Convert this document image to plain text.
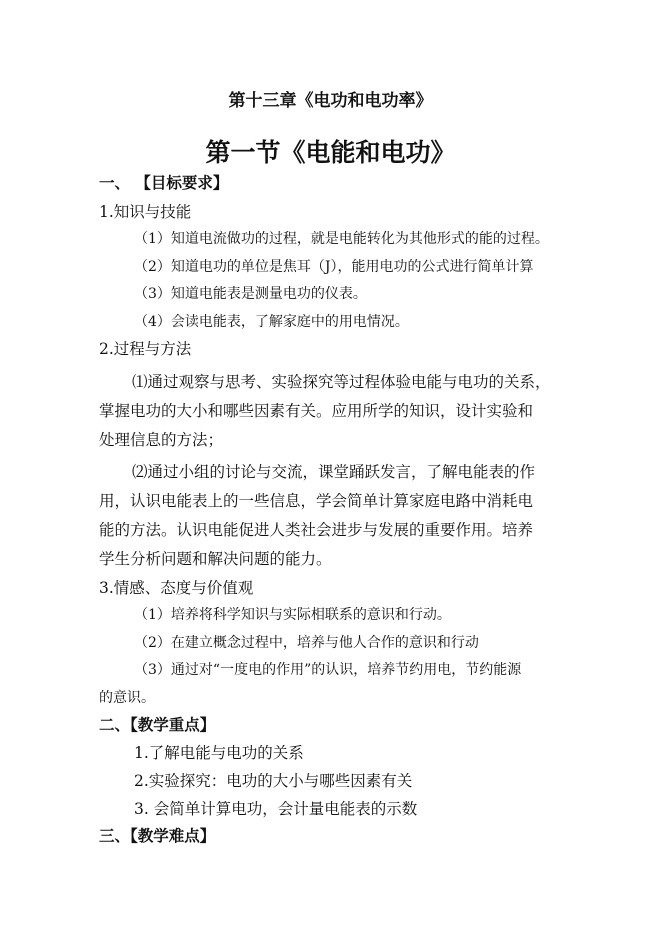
第十三章《电功和电功率》
第一节《电能和电功》
一、 【目标要求】
1.知识与技能
（1）知道电流做功的过程，就是电能转化为其他形式的能的过程。
（2）知道电功的单位是焦耳（J），能用电功的公式进行简单计算
（3）知道电能表是测量电功的仪表。
（4）会读电能表，了解家庭中的用电情况。
2.过程与方法
⑴通过观察与思考、实验探究等过程体验电能与电功的关系，
掌握电功的大小和哪些因素有关。应用所学的知识，设计实验和
处理信息的方法；
⑵通过小组的讨论与交流，课堂踊跃发言，了解电能表的作
用，认识电能表上的一些信息，学会简单计算家庭电路中消耗电
能的方法。认识电能促进人类社会进步与发展的重要作用。培养
学生分析问题和解决问题的能力。
3.情感、态度与价值观
（1）培养将科学知识与实际相联系的意识和行动。
（2）在建立概念过程中，培养与他人合作的意识和行动
（3）通过对“一度电的作用”的认识，培养节约用电，节约能源
的意识。
二、【教学重点】
1.了解电能与电功的关系
2.实验探究：电功的大小与哪些因素有关
3. 会简单计算电功，会计量电能表的示数
三、【教学难点】
